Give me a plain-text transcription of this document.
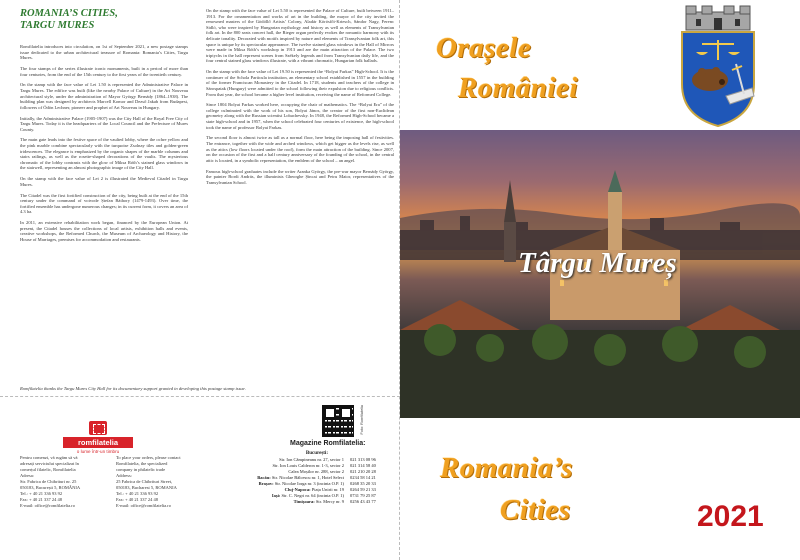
ROMANIA’S CITIES,
TARGU MURES
Romfilatelia introduces into circulation, on 1st of September 2021, a new postage stamps issue dedicated to the urban architectural treasure of Romania: Romania’s Cities, Targu Mures.
The four stamps of the series illustrate iconic monuments, built in a period of more than four centuries, from the end of the 15th century to the first years of the twentieth century.
On the stamp with the face value of Lei 1.50 is represented the Administrative Palace in Targu Mures. The edifice was built (like the nearby Palace of Culture) in the Art Nouveau architectural style, under the administration of Mayor György Bernády (1864–1938). The building plan was designed by architects Marcell Komor and Dezső Jakab from Budapest, followers of Ödön Lechner, pioneer and prophet of Art Nouveau in Hungary.
Initially, the Administrative Palace (1905-1907) was the City Hall of the Royal Free City of Targu Mures. Today it is the headquarters of the Local Council and the Prefecture of Mures County.
The main gate leads into the festive space of the vaulted lobby, where the ochre yellow and the pink marble combine spectacularly with the turquoise Zsolnay tiles and golden-green iridescences. The elegance is emphasized by the organic shapes of the marble columns and stairs railings, as well as the rosette-shaped decorations of the vaults. The mysterious chromatic of the lobby contrasts with the glow of Miksa Róth’s stained glass windows in the stairwell, representing an almost photographic image of the City Hall.
On the stamp with the face value of Lei 2 is illustrated the Medieval Citadel in Targu Mures.
The Citadel was the first fortified construction of the city, being built at the end of the 15th century under the command of voivode Ștefan Báthory (1479-1493). Over time, the fortified ensemble has undergone numerous changes; in its current form, it covers an area of 4.3 ha.
In 2011, an extensive rehabilitation work began, financed by the European Union. At present, the Citadel houses the collections of local artists, exhibition halls and events, creative workshops, the Reformed Church, the Museum of Archaeology and History, the House of Marriages, premises for accommodation and restaurants.
On the stamp with the face value of Lei 5.50 is represented the Palace of Culture, built between 1911–1913. For the ornamentation and works of art in the building, the mayor of the city invited the renowned masters of the Gödöllő Artists’ Colony, Aladár Körösfői-Kriesch, Sándor Nagy, Ferenc Sidló, who were inspired by Hungarian mythology and history as well as elements of Transylvanian folk art. In the 800 seats concert hall, the Rieger organ perfectly evokes the romantic harmony with its delicate tonality. Decorated with motifs inspired by nature and elements of Transylvanian folk art, this space is unique by its spectacular appearance. The twelve stained glass windows in the Hall of Mirrors were made in Miksa Róth’s workshop in 1913 and are the main attraction of the Palace. The two triptychs in the hall represent scenes from Székely legends and from Transylvanian daily life, and the four central stained glass windows illustrate, with a vibrant chromatic, Hungarian folk ballads.
On the stamp with the face value of Lei 19.50 is represented the “Bolyai Farkas” High-School. It is the continuer of the Schola Particula institution, an elementary school established in 1557 in the building of the former Franciscan Monastery in the Citadel. In 1718, students and teachers of the college in Sárospatak (Hungary) were admitted to the school following their expulsion due to religious conflicts. From that year, the school became a higher level institution, receiving the name of Reformed College.
Since 1804 Bolyai Farkas worked here, occupying the chair of mathematics. The “Bolyai Era” of the college culminated with the work of his son, Bolyai János, the creator of the first non-Euclidean geometry along with the Russian scientist Lobachevsky. In 1948, the Reformed High-School became a state high-school and in 1957, when the school celebrated four centuries of existence, the high-school took the name of professor Bolyai Farkas.
The second floor is almost twice as tall as a normal floor, here being the imposing hall of festivities. The entrance, together with the wide and arched windows, which get bigger as the levels rise, as well as the attics (low floors located under the roof), form the main attraction of the building. Since 2007, on the occasion of the first and a half century anniversary of the founding of the school, in the central attic is located, in a symbolic representation, the emblem of the school – an angel.
Famous high-school graduates include the writer Aranka György, the pre-war mayor Bernády György, the painter Bordi András, the illuminists Gheorghe Șincai and Petru Maior, representatives of the Transylvanian School.
Romfilatelia thanks the Targu Mures City Hall for its documentary support granted in developing this postage stamp issue.
romfilatelia
o lume într-un timbru
Foto: Romfilatelia
Magazine Romfilatelia:
Pentru comenzi, vă rugăm să vă
adresați serviciului specializat în
comerțul filatelic, Romfilatelia
Adresa:
Str. Fabrica de Chibrituri nr. 25
050183, București 5, ROMÂNIA
Tel.: + 40 21 336 93 92
Fax: + 40 21 337 24 48
E-mail: office@romfilatelia.ro
To place your orders, please contact
Romfilatelia, the specialized
company in philatelic trade
Address:
25 Fabrica de Chibrituri Street,
050183, Bucharest 5, ROMANIA
Tel.: + 40 21 336 93 92
Fax: + 40 21 337 24 48
E-mail: office@romfilatelia.ro
București:
Str. Ion Câmpineanu nr. 27, sector 1	021 313 08 96
Str. Ion Louis Calderon nr. 1-3, sector 2	021 314 58 40
Calea Moșilor nr. 288, sector 2	021 210 20 28
Bacău: Str. Nicolae Bălcescu nr. 1, Hotel Select	0234 58 14 21
Brașov: Str. Nicolae Iorga nr. 3 (incinta O.P. 1)	0268 35 20 33
Cluj-Napoca: Piața Unirii nr. 19	0264 59 21 33
Iași: Str. C. Negri nr. 64 (incinta O.P. 1)	0731 79 25 87
Timișoara: Str. Mercy nr. 9	0256 43 43 77
Orașele
României
Târgu Mureș
Romania’s
Cities	2021
